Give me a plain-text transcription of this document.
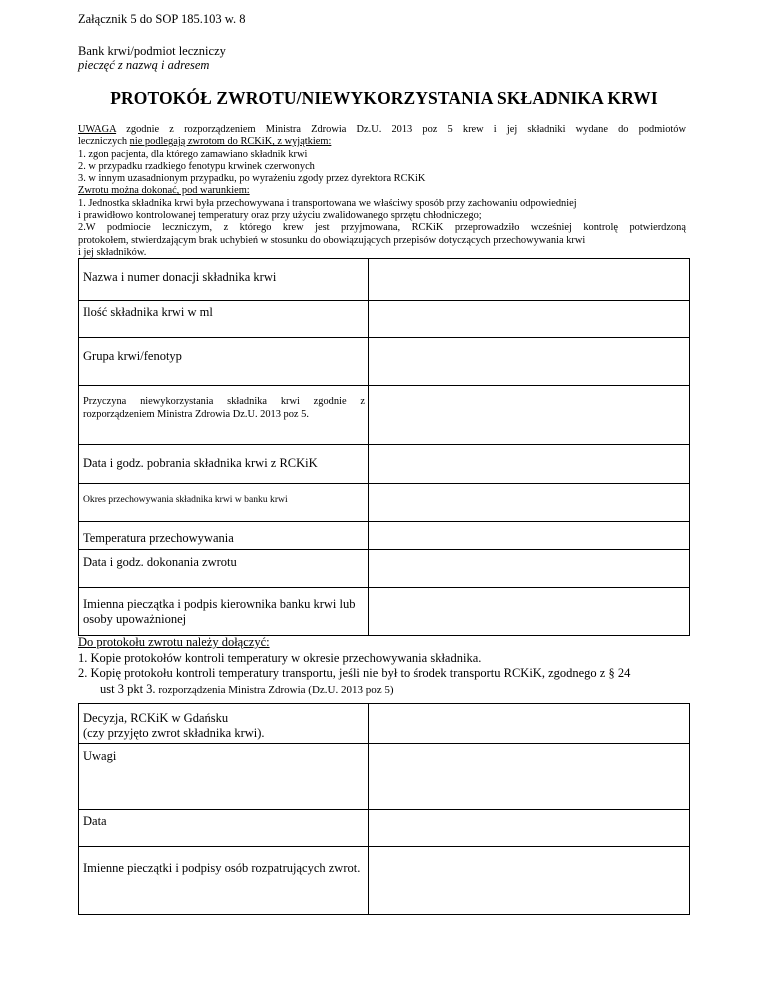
Załącznik 5 do SOP 185.103 w. 8
Bank krwi/podmiot leczniczy
pieczęć z nazwą i adresem
PROTOKÓŁ ZWROTU/NIEWYKORZYSTANIA SKŁADNIKA KRWI
UWAGA zgodnie z rozporządzeniem Ministra Zdrowia Dz.U. 2013 poz 5 krew i jej składniki wydane do podmiotów
leczniczych nie podlegają zwrotom do RCKiK, z wyjątkiem:
1. zgon pacjenta, dla którego zamawiano składnik krwi
2. w przypadku rzadkiego fenotypu krwinek czerwonych
3. w innym uzasadnionym przypadku, po wyrażeniu zgody przez dyrektora RCKiK
Zwrotu można dokonać, pod warunkiem:
1. Jednostka składnika krwi była przechowywana i transportowana we właściwy sposób przy zachowaniu odpowiedniej
i prawidłowo kontrolowanej temperatury oraz przy użyciu zwalidowanego sprzętu chłodniczego;
2.W podmiocie leczniczym, z którego krew jest przyjmowana, RCKiK przeprowadziło wcześniej kontrolę potwierdzoną
protokołem, stwierdzającym brak uchybień w stosunku do obowiązujących przepisów dotyczących przechowywania krwi
i jej składników.
Nazwa i numer donacji składnika krwi	
Ilość składnika krwi w ml	
Grupa krwi/fenotyp	
Przyczyna niewykorzystania składnika krwi zgodnie z rozporządzeniem Ministra Zdrowia Dz.U. 2013 poz 5.	
Data i godz. pobrania składnika krwi z RCKiK	
Okres przechowywania składnika krwi w banku krwi	
Temperatura przechowywania	
Data i godz. dokonania zwrotu	
Imienna pieczątka i podpis kierownika banku krwi lub osoby upoważnionej	
Do protokołu zwrotu należy dołączyć:
1. Kopie protokołów kontroli temperatury w okresie przechowywania składnika.
2. Kopię protokołu kontroli temperatury transportu, jeśli nie był to środek transportu RCKiK, zgodnego z § 24
ust 3 pkt 3. rozporządzenia Ministra Zdrowia (Dz.U. 2013 poz 5)
Decyzja, RCKiK w Gdańsku
(czy przyjęto zwrot składnika krwi).	

Uwagi	
Data	
Imienne pieczątki i podpisy osób rozpatrujących zwrot.	
